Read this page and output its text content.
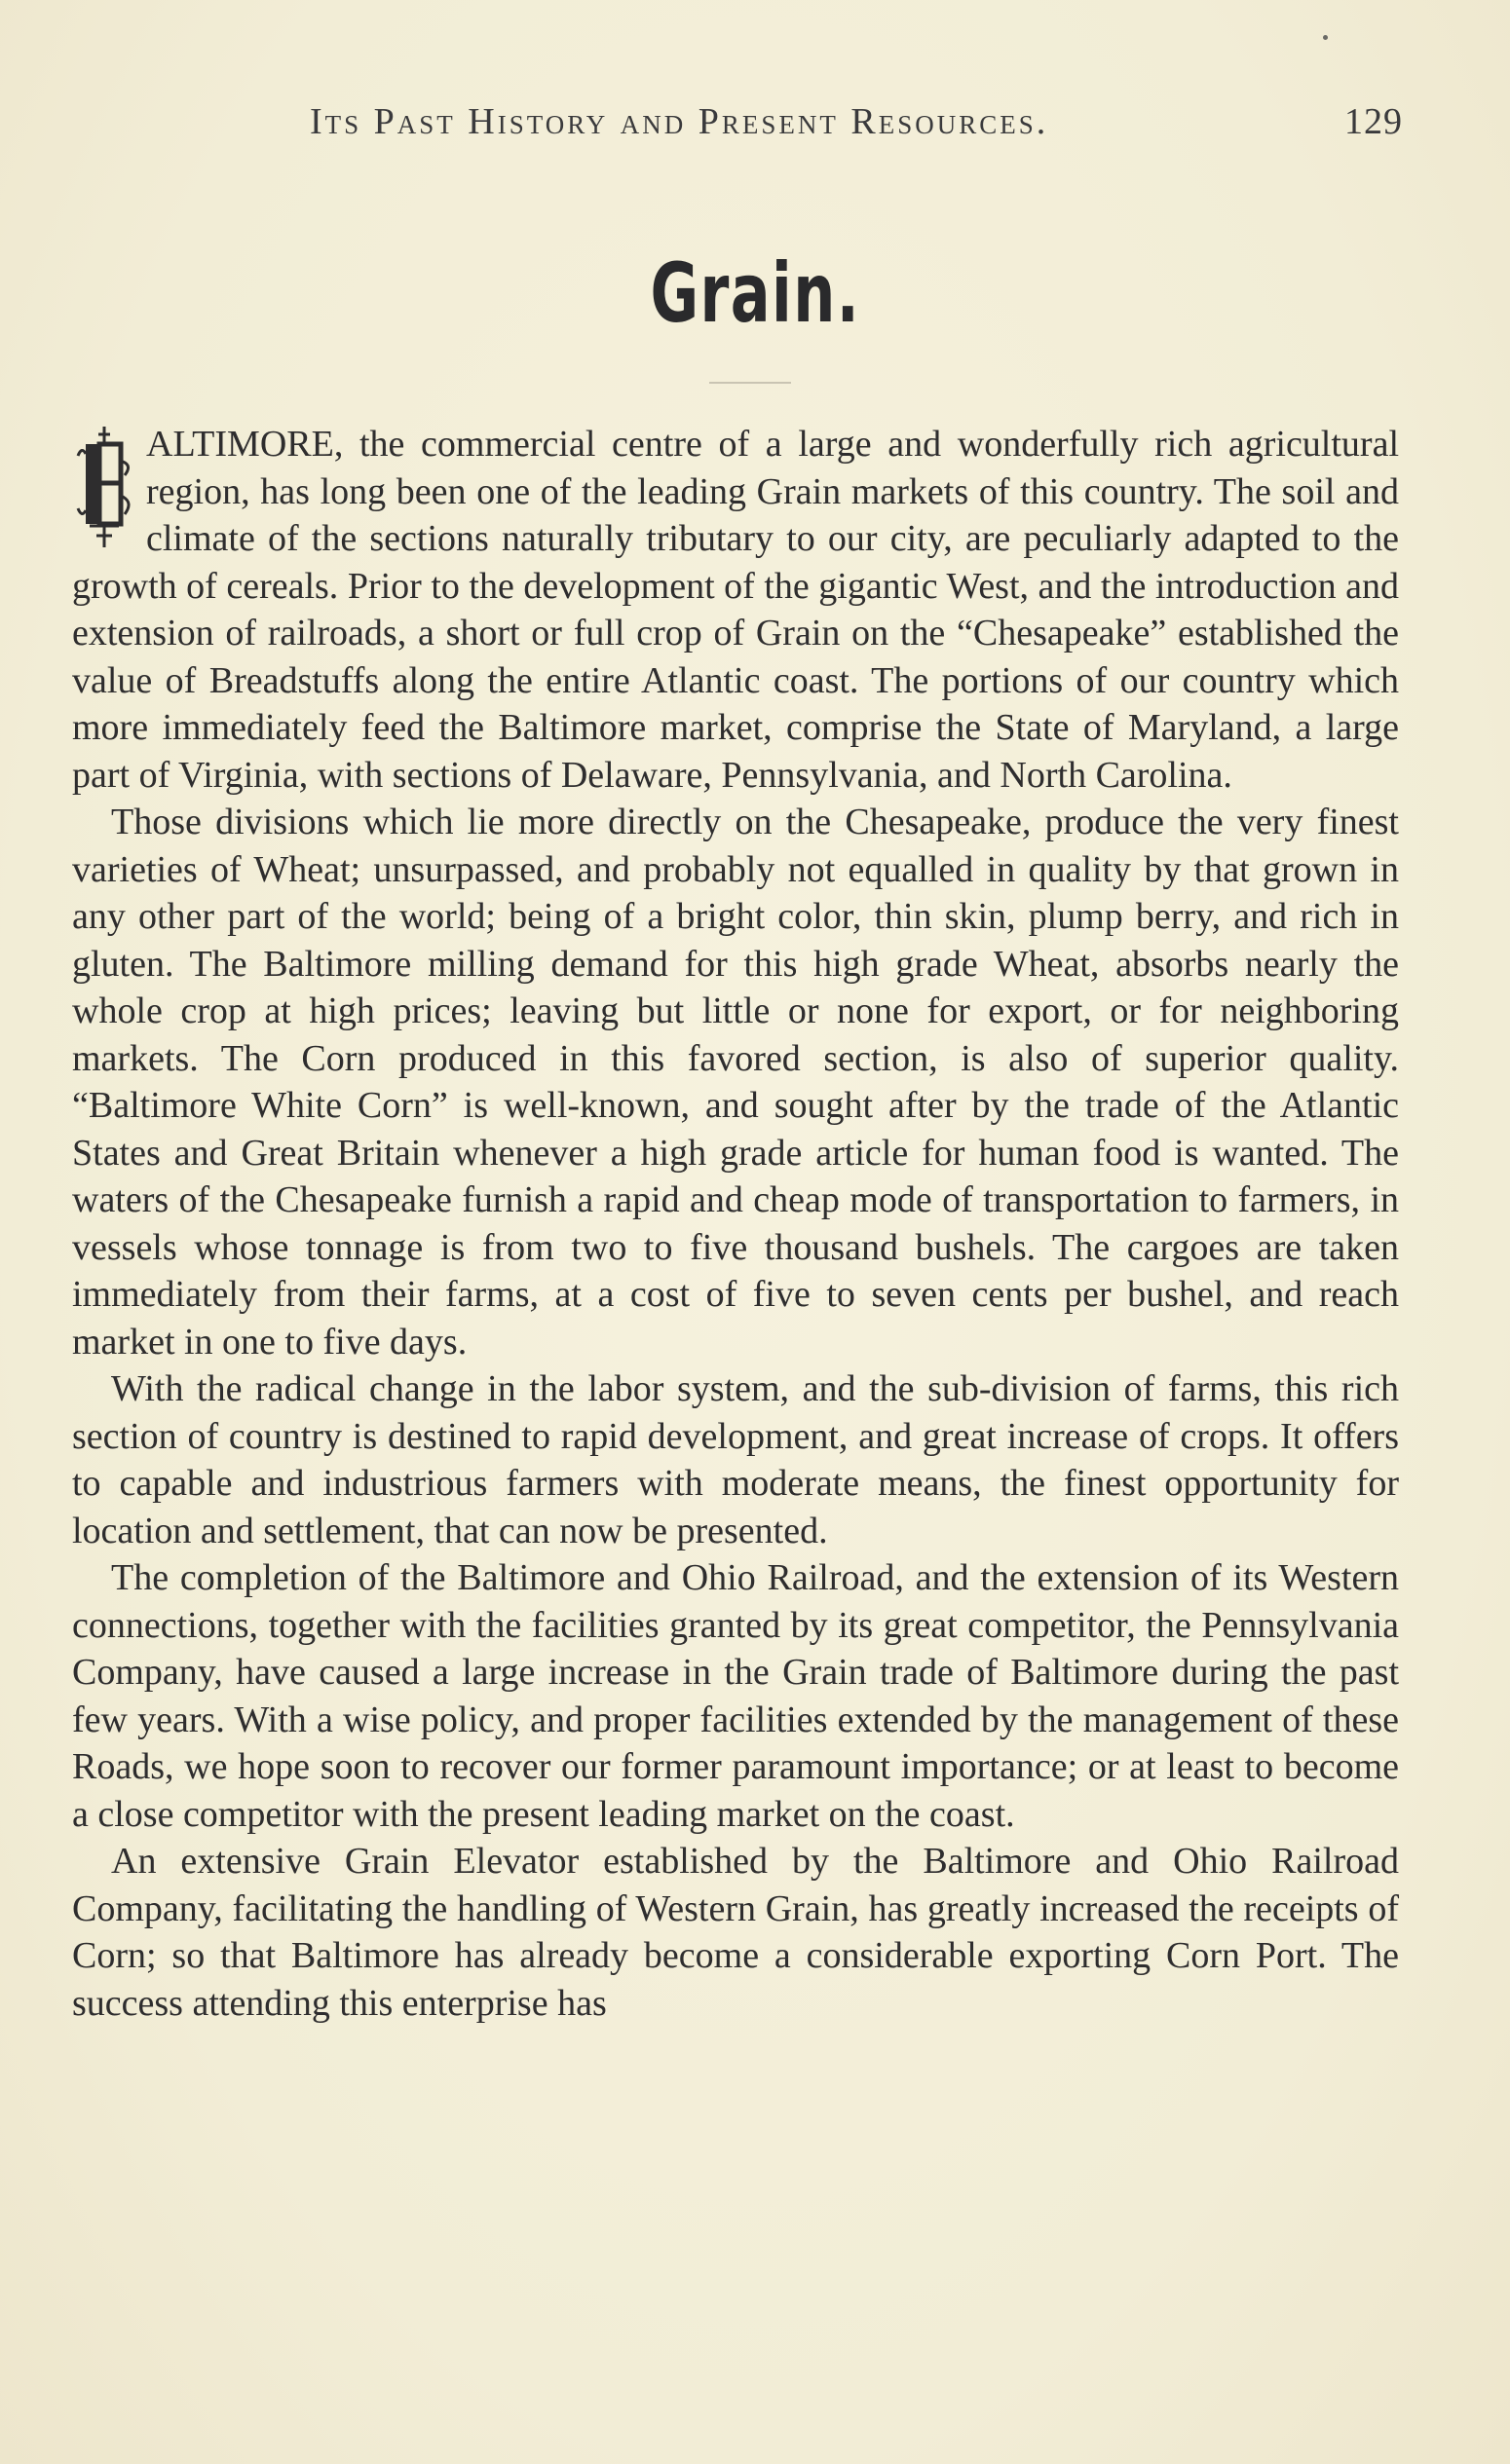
Its Past History and Present Resources.	129
Grain.

ALTIMORE, the commercial centre of a large and wonderfully rich agricultural region, has long been one of the leading Grain markets of this country. The soil and climate of the sections naturally tributary to our city, are peculiarly adapted to the growth of cereals. Prior to the development of the gigantic West, and the introduction and extension of railroads, a short or full crop of Grain on the “Chesapeake” established the value of Breadstuffs along the entire Atlantic coast. The portions of our country which more immediately feed the Baltimore market, comprise the State of Maryland, a large part of Virginia, with sections of Delaware, Pennsylvania, and North Carolina.

Those divisions which lie more directly on the Chesapeake, produce the very finest varieties of Wheat; unsurpassed, and probably not equalled in quality by that grown in any other part of the world; being of a bright color, thin skin, plump berry, and rich in gluten. The Baltimore milling demand for this high grade Wheat, absorbs nearly the whole crop at high prices; leaving but little or none for export, or for neighboring markets. The Corn produced in this favored section, is also of superior quality. “Baltimore White Corn” is well-known, and sought after by the trade of the Atlantic States and Great Britain whenever a high grade article for human food is wanted. The waters of the Chesapeake furnish a rapid and cheap mode of transportation to farmers, in vessels whose tonnage is from two to five thousand bushels. The cargoes are taken immediately from their farms, at a cost of five to seven cents per bushel, and reach market in one to five days.

With the radical change in the labor system, and the sub-division of farms, this rich section of country is destined to rapid development, and great increase of crops. It offers to capable and industrious farmers with moderate means, the finest opportunity for location and settlement, that can now be presented.

The completion of the Baltimore and Ohio Railroad, and the extension of its Western connections, together with the facilities granted by its great competitor, the Pennsylvania Company, have caused a large increase in the Grain trade of Baltimore during the past few years. With a wise policy, and proper facilities extended by the management of these Roads, we hope soon to recover our former paramount importance; or at least to become a close competitor with the present leading market on the coast.

An extensive Grain Elevator established by the Baltimore and Ohio Railroad Company, facilitating the handling of Western Grain, has greatly increased the receipts of Corn; so that Baltimore has already become a considerable exporting Corn Port. The success attending this enterprise has
